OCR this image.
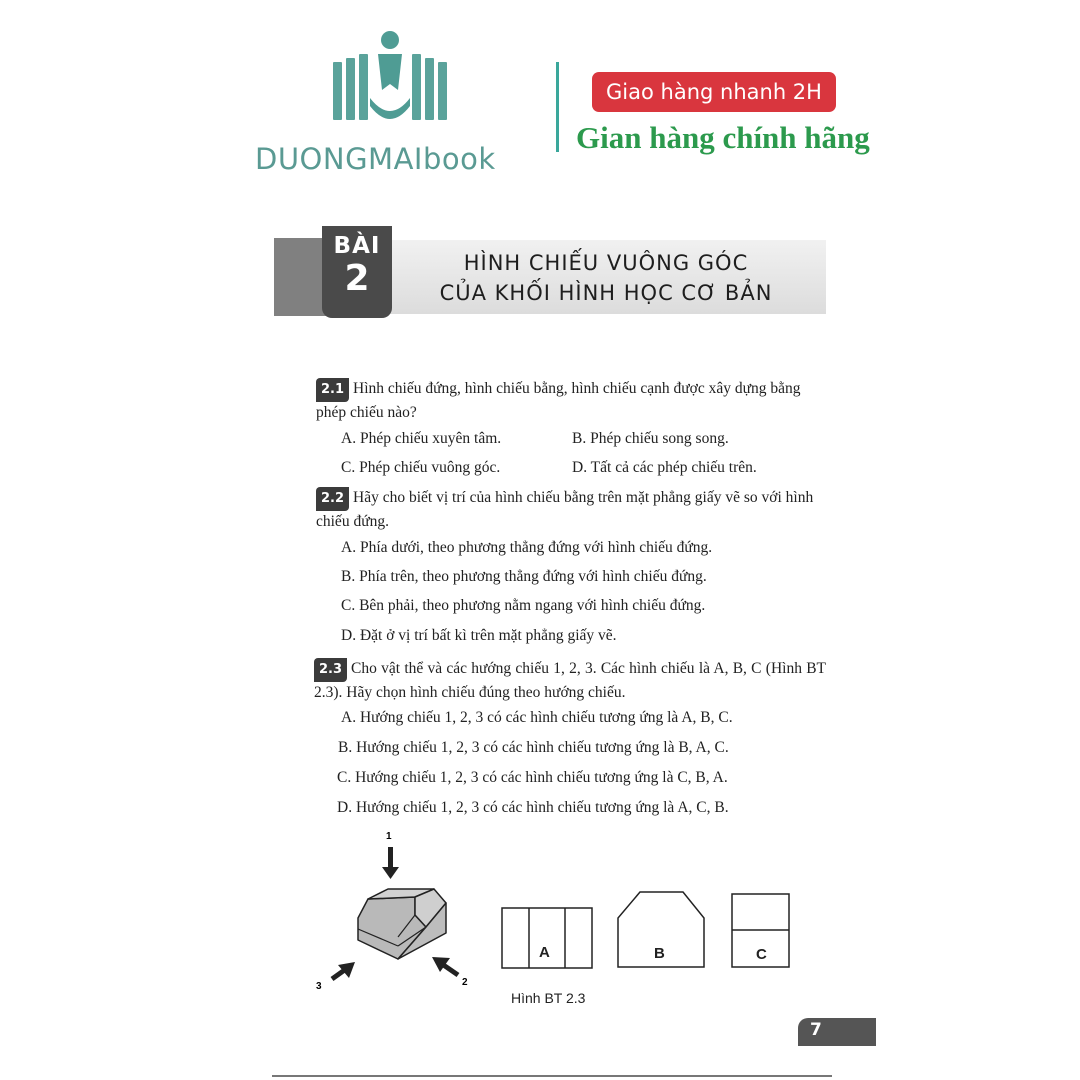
DUONGMAIbook
Giao hàng nhanh 2H
Gian hàng chính hãng
BÀI
2	HÌNH CHIẾU VUÔNG GÓC
CỦA KHỐI HÌNH HỌC CƠ BẢN
2.1 Hình chiếu đứng, hình chiếu bằng, hình chiếu cạnh được xây dựng bằng phép chiếu nào?
A. Phép chiếu xuyên tâm.	B. Phép chiếu song song.
C. Phép chiếu vuông góc.	D. Tất cả các phép chiếu trên.
2.2 Hãy cho biết vị trí của hình chiếu bằng trên mặt phẳng giấy vẽ so với hình chiếu đứng.
A. Phía dưới, theo phương thẳng đứng với hình chiếu đứng.
B. Phía trên, theo phương thẳng đứng với hình chiếu đứng.
C. Bên phải, theo phương nằm ngang với hình chiếu đứng.
D. Đặt ở vị trí bất kì trên mặt phẳng giấy vẽ.
2.3 Cho vật thể và các hướng chiếu 1, 2, 3. Các hình chiếu là A, B, C (Hình BT 2.3). Hãy chọn hình chiếu đúng theo hướng chiếu.
A. Hướng chiếu 1, 2, 3 có các hình chiếu tương ứng là A, B, C.
B. Hướng chiếu 1, 2, 3 có các hình chiếu tương ứng là B, A, C.
C. Hướng chiếu 1, 2, 3 có các hình chiếu tương ứng là C, B, A.
D. Hướng chiếu 1, 2, 3 có các hình chiếu tương ứng là A, C, B.
1
2
3
A	B	C
Hình BT 2.3
7
